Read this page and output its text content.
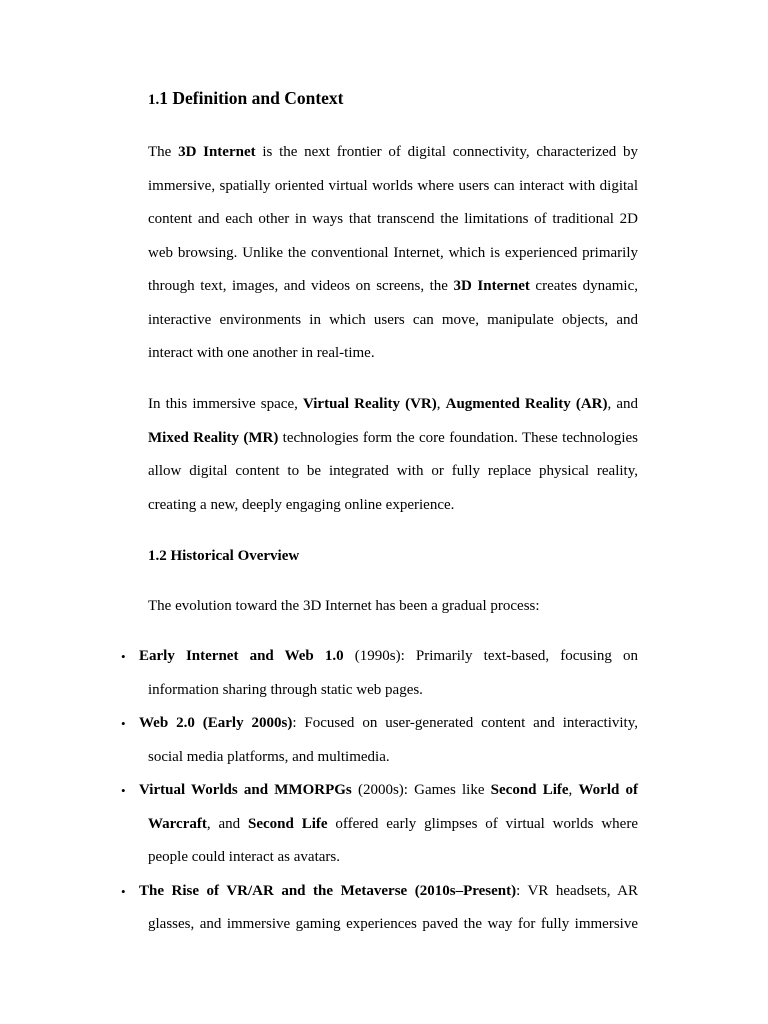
1.1 Definition and Context

The 3D Internet is the next frontier of digital connectivity, characterized by immersive, spatially oriented virtual worlds where users can interact with digital content and each other in ways that transcend the limitations of traditional 2D web browsing. Unlike the conventional Internet, which is experienced primarily through text, images, and videos on screens, the 3D Internet creates dynamic, interactive environments in which users can move, manipulate objects, and interact with one another in real-time.

In this immersive space, Virtual Reality (VR), Augmented Reality (AR), and Mixed Reality (MR) technologies form the core foundation. These technologies allow digital content to be integrated with or fully replace physical reality, creating a new, deeply engaging online experience.

1.2 Historical Overview

The evolution toward the 3D Internet has been a gradual process:

• Early Internet and Web 1.0 (1990s): Primarily text-based, focusing on
information sharing through static web pages.
• Web 2.0 (Early 2000s): Focused on user-generated content and interactivity,
social media platforms, and multimedia.
• Virtual Worlds and MMORPGs (2000s): Games like Second Life, World of
Warcraft, and Second Life offered early glimpses of virtual worlds where
people could interact as avatars.
• The Rise of VR/AR and the Metaverse (2010s–Present): VR headsets, AR
glasses, and immersive gaming experiences paved the way for fully immersive
